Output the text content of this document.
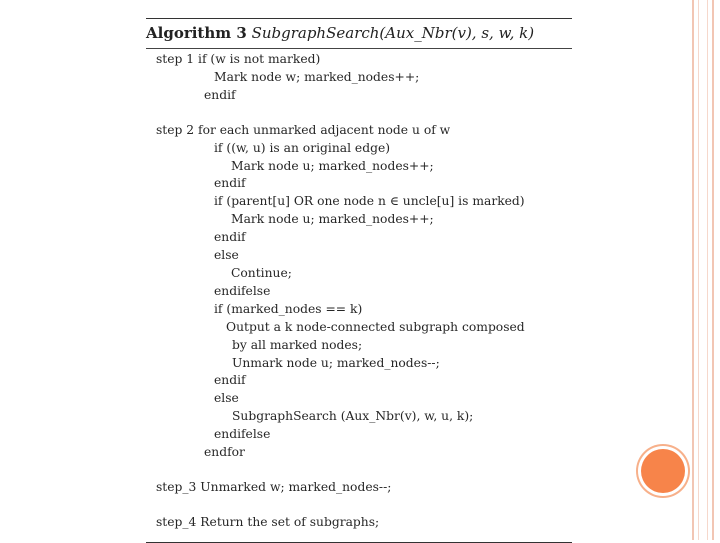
Algorithm 3 SubgraphSearch(Aux_Nbr(v), s, w, k)
step 1 if (w is not marked)
Mark node w; marked_nodes++;
endif
step 2 for each unmarked adjacent node u of w
if ((w, u) is an original edge)
Mark node u; marked_nodes++;
endif
if (parent[u] OR one node n ∈ uncle[u] is marked)
Mark node u; marked_nodes++;
endif
else
Continue;
endifelse
if (marked_nodes == k)
Output a k node-connected subgraph composed
by all marked nodes;
Unmark node u; marked_nodes--;
endif
else
SubgraphSearch (Aux_Nbr(v), w, u, k);
endifelse
endfor
step_3 Unmarked w; marked_nodes--;
step_4 Return the set of subgraphs;
